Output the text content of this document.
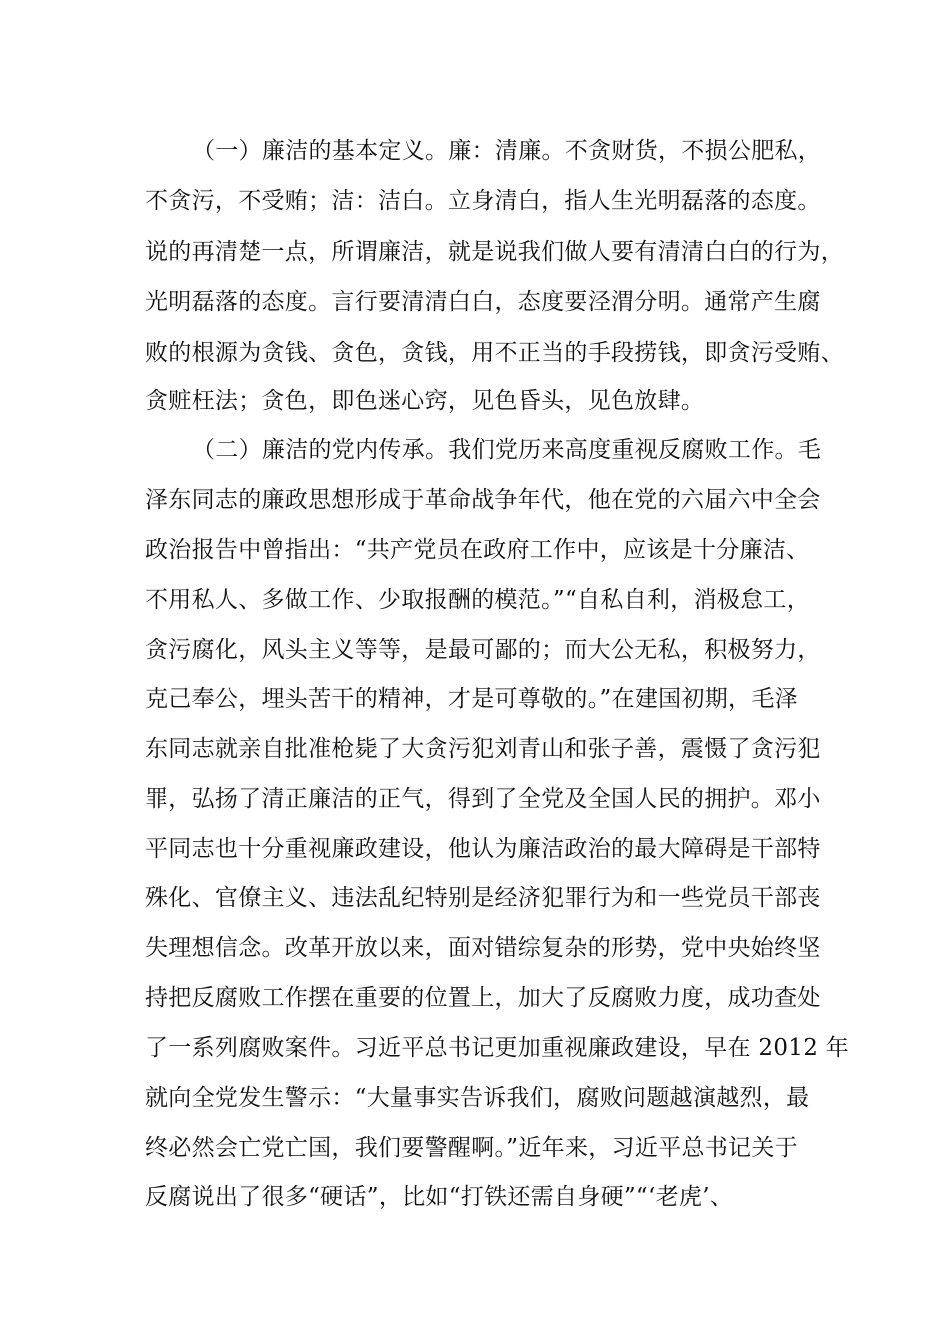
（一）廉洁的基本定义。廉：清廉。不贪财货，不损公肥私，
不贪污，不受贿；洁：洁白。立身清白，指人生光明磊落的态度。
说的再清楚一点，所谓廉洁，就是说我们做人要有清清白白的行为，
光明磊落的态度。言行要清清白白，态度要泾渭分明。通常产生腐
败的根源为贪钱、贪色，贪钱，用不正当的手段捞钱，即贪污受贿、
贪赃枉法；贪色，即色迷心窍，见色昏头，见色放肆。
（二）廉洁的党内传承。我们党历来高度重视反腐败工作。毛
泽东同志的廉政思想形成于革命战争年代，他在党的六届六中全会
政治报告中曾指出：“共产党员在政府工作中，应该是十分廉洁、
不用私人、多做工作、少取报酬的模范。”“自私自利，消极怠工，
贪污腐化，风头主义等等，是最可鄙的；而大公无私，积极努力，
克己奉公，埋头苦干的精神，才是可尊敬的。”在建国初期，毛泽
东同志就亲自批准枪毙了大贪污犯刘青山和张子善，震慑了贪污犯
罪，弘扬了清正廉洁的正气，得到了全党及全国人民的拥护。邓小
平同志也十分重视廉政建设，他认为廉洁政治的最大障碍是干部特
殊化、官僚主义、违法乱纪特别是经济犯罪行为和一些党员干部丧
失理想信念。改革开放以来，面对错综复杂的形势，党中央始终坚
持把反腐败工作摆在重要的位置上，加大了反腐败力度，成功查处
了一系列腐败案件。习近平总书记更加重视廉政建设，早在 2012 年
就向全党发生警示：“大量事实告诉我们，腐败问题越演越烈，最
终必然会亡党亡国，我们要警醒啊。”近年来，习近平总书记关于
反腐说出了很多“硬话”，比如“打铁还需自身硬”“‘老虎’、
